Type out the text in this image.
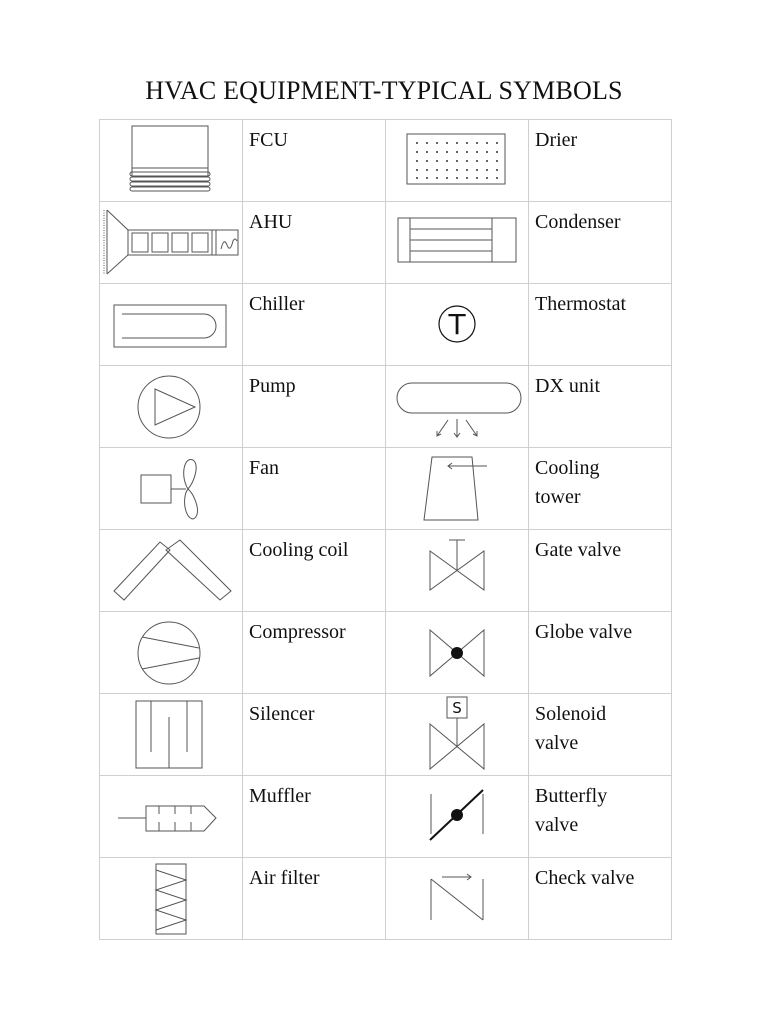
HVAC EQUIPMENT-TYPICAL SYMBOLS

FCU		Drier

AHU		Condenser

Chiller	T	Thermostat

Pump		DX unit

Fan		Cooling
tower

Cooling coil		Gate valve

Compressor		Globe valve

Silencer	S	Solenoid
valve

Muffler		Butterfly
valve

Air filter		Check valve
